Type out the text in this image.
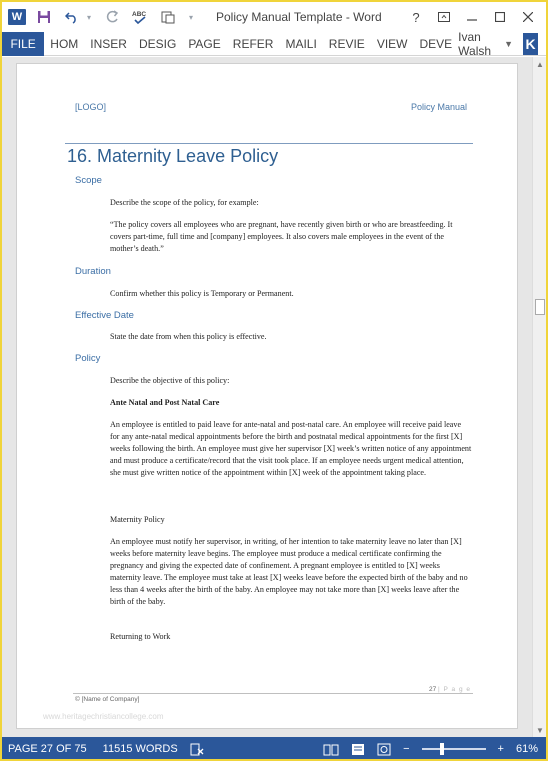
W	▾	ABC	▾ Policy Manual Template - Word	?
FILE	HOM	INSER	DESIG	PAGE	REFER	MAILI	REVIE	VIEW	DEVE Ivan Walsh	▼ K
[LOGO]	Policy Manual
16. Maternity Leave Policy
Scope
Describe the scope of the policy, for example:
“The policy covers all employees who are pregnant, have recently given birth or who are breastfeeding. It covers part-time, full time and [company] employees. It also covers male employees in the event of the mother’s death.”
Duration
Confirm whether this policy is Temporary or Permanent.
Effective Date
State the date from when this policy is effective.
Policy
Describe the objective of this policy:
Ante Natal and Post Natal Care
An employee is entitled to paid leave for ante-natal and post-natal care. An employee will receive paid leave for any ante-natal medical appointments before the birth and postnatal medical appointments for the first [X] weeks following the birth. An employee must give her supervisor [X] week’s written notice of any appointment and must produce a certificate/record that the visit took place. If an employee needs urgent medical attention, she must give written notice of the appointment within [X] week of the appointment taking place.
Maternity Policy
An employee must notify her supervisor, in writing, of her intention to take maternity leave no later than [X] weeks before maternity leave begins. The employee must produce a medical certificate confirming the pregnancy and giving the expected date of confinement. A pregnant employee is entitled to [X] weeks maternity leave. The employee must take at least [X] weeks leave before the expected birth of the baby and no less than 4 weeks after the birth of the baby. An employee may not take more than [X] weeks leave after the birth of the baby.
Returning to Work
27 | P a g e
© [Name of Company]
www.heritagechristiancollege.com
▲
▼
PAGE 27 OF 75	11515 WORDS	−	+	61%
